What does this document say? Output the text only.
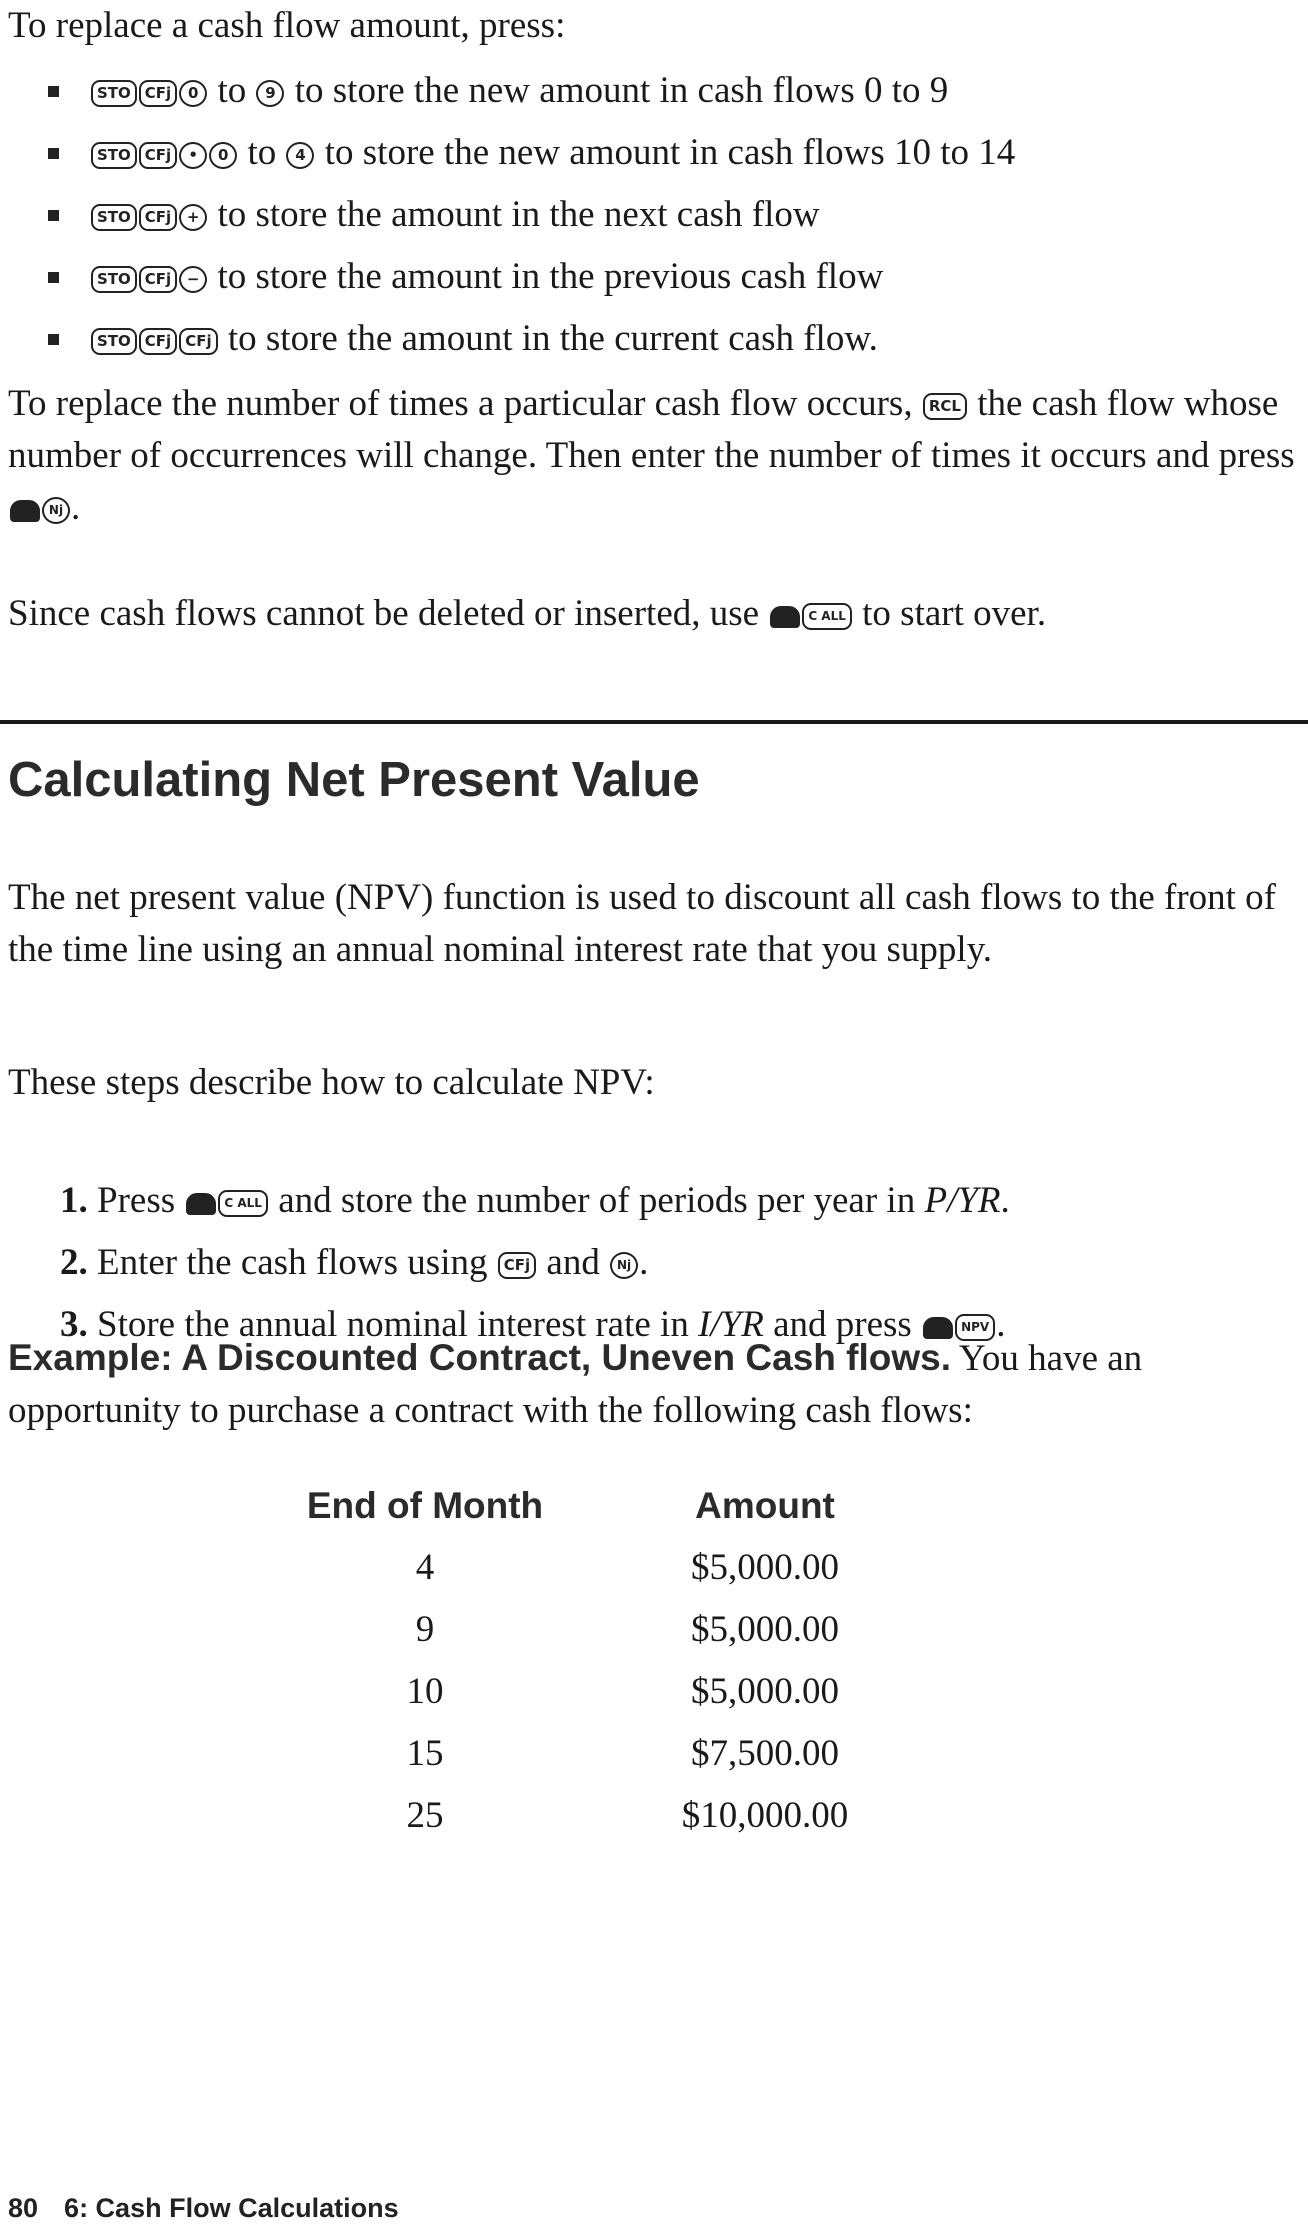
To replace a cash flow amount, press:

STO CFj 0 to 9 to store the new amount in cash flows 0 to 9
STO CFj • 0 to 4 to store the new amount in cash flows 10 to 14
STO CFj + to store the amount in the next cash flow
STO CFj − to store the amount in the previous cash flow
STO CFj CFj to store the amount in the current cash flow.

To replace the number of times a particular cash flow occurs, RCL the cash flow whose number of occurrences will change. Then enter the number of times it occurs and press Nj .

Since cash flows cannot be deleted or inserted, use	C ALL to start over.

Calculating Net Present Value

The net present value (NPV) function is used to discount all cash flows to the front of the time line using an annual nominal interest rate that you supply.

These steps describe how to calculate NPV:

1. Press	C ALL and store the number of periods per year in P/YR.
2. Enter the cash flows using CFj and Nj .
3. Store the annual nominal interest rate in I/YR and press	NPV .

Example: A Discounted Contract, Uneven Cash flows. You have an opportunity to purchase a contract with the following cash flows:

End of Month	Amount
4	$5,000.00
9	$5,000.00
10	$5,000.00
15	$7,500.00
25	$10,000.00
80 6: Cash Flow Calculations
